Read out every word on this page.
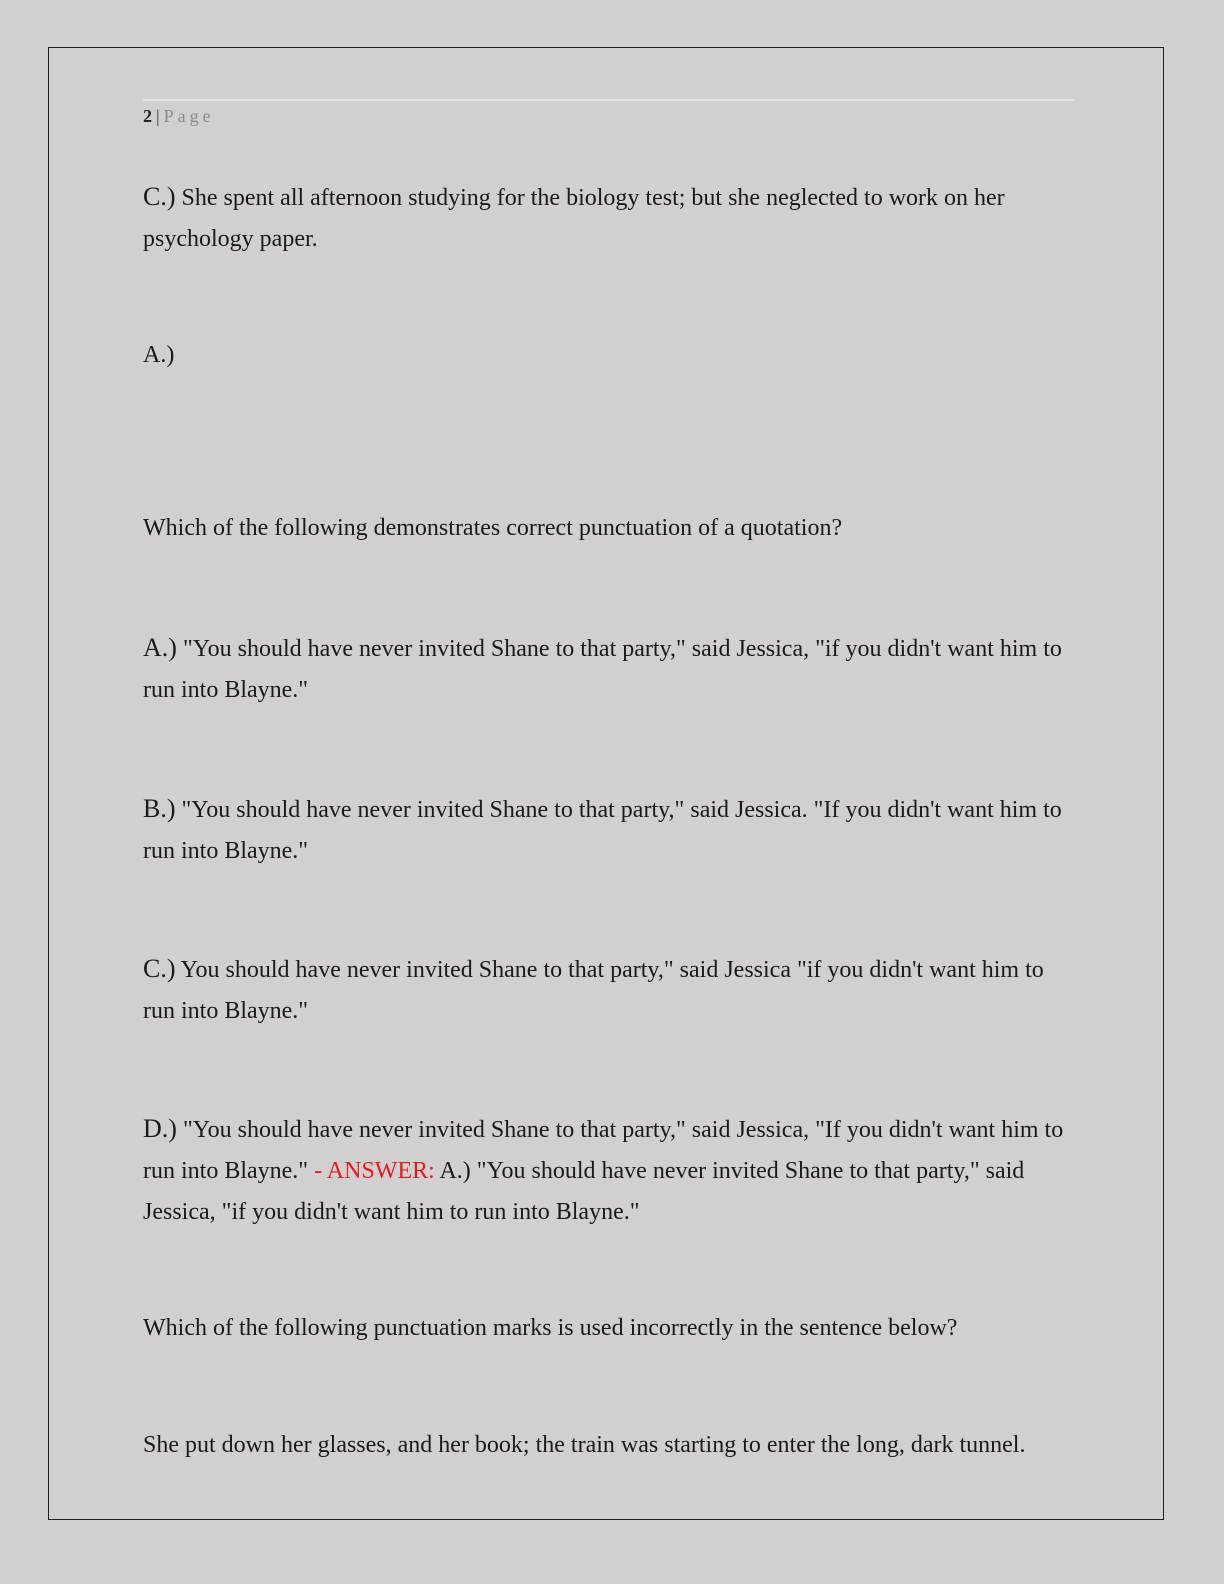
2 | Page
C.) She spent all afternoon studying for the biology test; but she neglected to work on her psychology paper.
A.)
Which of the following demonstrates correct punctuation of a quotation?
A.) "You should have never invited Shane to that party," said Jessica, "if you didn't want him to run into Blayne."
B.) "You should have never invited Shane to that party," said Jessica. "If you didn't want him to run into Blayne."
C.) You should have never invited Shane to that party," said Jessica "if you didn't want him to run into Blayne."
D.) "You should have never invited Shane to that party," said Jessica, "If you didn't want him to run into Blayne." - ANSWER: A.) "You should have never invited Shane to that party," said Jessica, "if you didn't want him to run into Blayne."
Which of the following punctuation marks is used incorrectly in the sentence below?
She put down her glasses, and her book; the train was starting to enter the long, dark tunnel.
